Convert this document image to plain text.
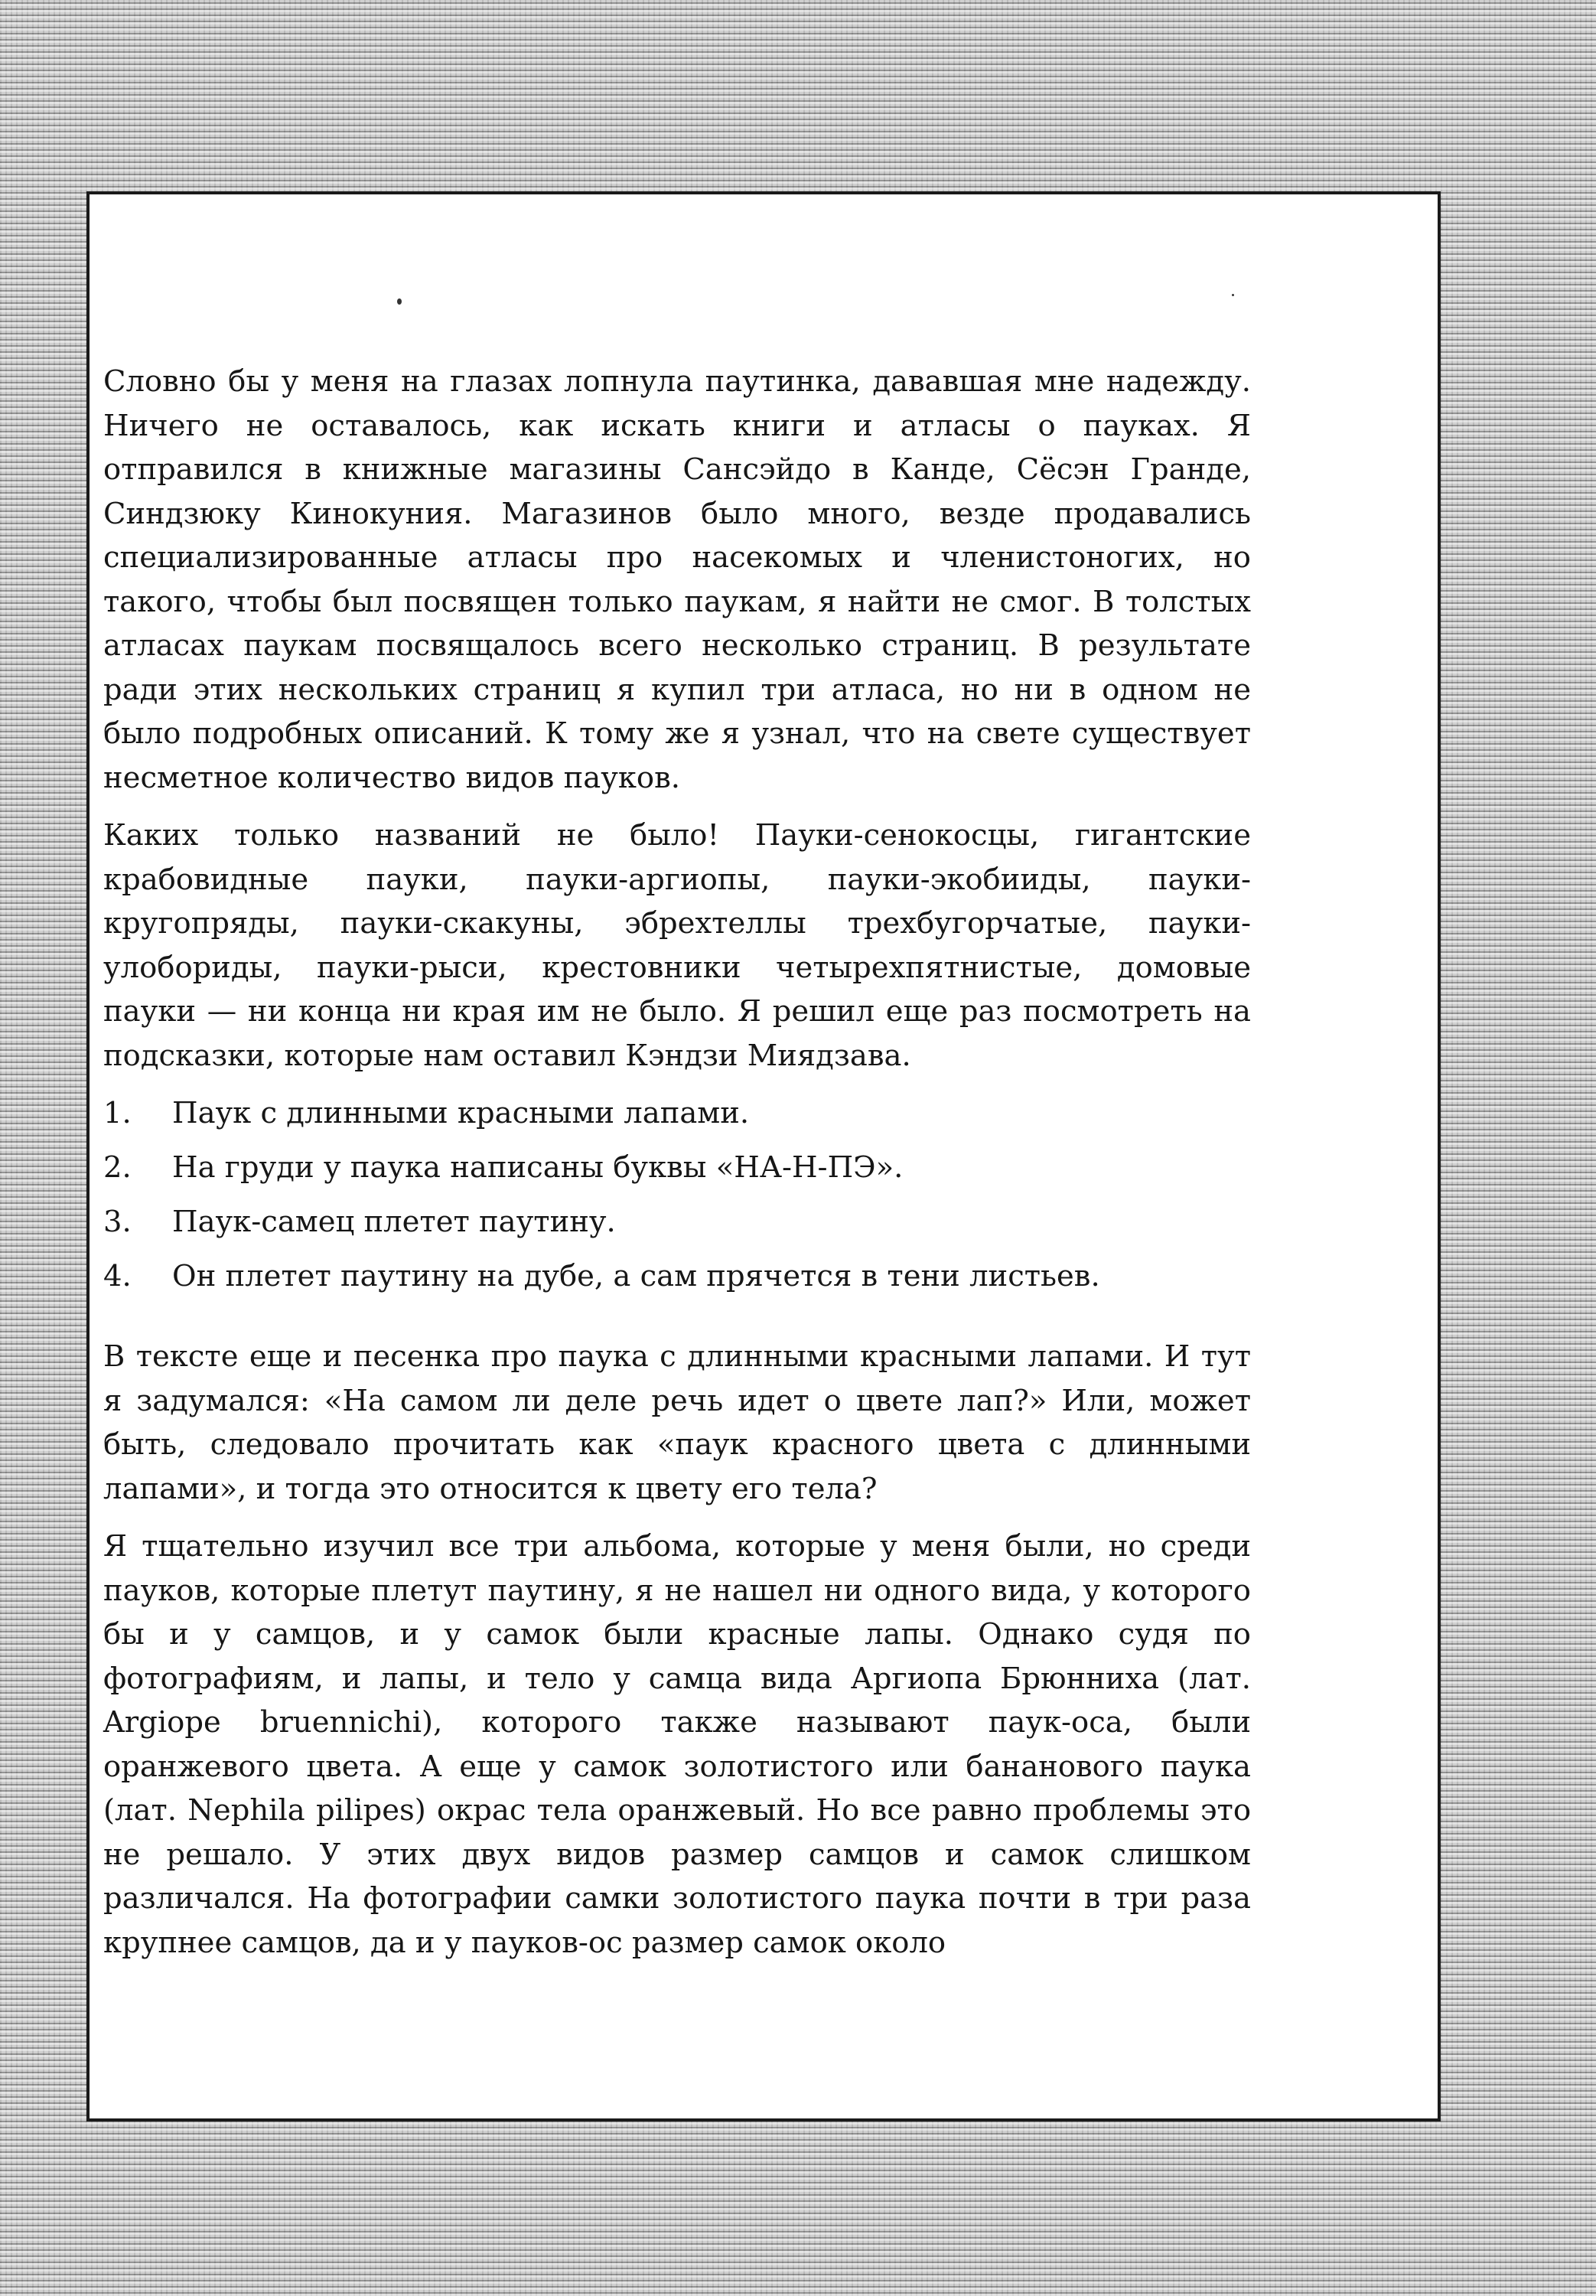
Словно бы у меня на глазах лопнула паутинка, дававшая мне надежду. Ничего не оставалось, как искать книги и атласы о пауках. Я отправился в книжные магазины Сансэйдо в Канде, Сёсэн Гранде, Синдзюку Кинокуния. Магазинов было много, везде продавались специализированные атласы про насекомых и членистоногих, но такого, чтобы был посвящен только паукам, я найти не смог. В толстых атласах паукам посвящалось всего несколько страниц. В результате ради этих нескольких страниц я купил три атласа, но ни в одном не было подробных описаний. К тому же я узнал, что на свете существует несметное количество видов пауков.

Каких только названий не было! Пауки-сенокосцы, гигантские крабовидные пауки, пауки-аргиопы, пауки-экобииды, пауки-кругопряды, пауки-скакуны, эбрехтеллы трехбугорчатые, пауки-улобориды, пауки-рыси, крестовники четырехпятнистые, домовые пауки — ни конца ни края им не было. Я решил еще раз посмотреть на подсказки, которые нам оставил Кэндзи Миядзава.

1.	Паук с длинными красными лапами.
2.	На груди у паука написаны буквы «НА-Н-ПЭ».
3.	Паук-самец плетет паутину.
4.	Он плетет паутину на дубе, а сам прячется в тени листьев.

В тексте еще и песенка про паука с длинными красными лапами. И тут я задумался: «На самом ли деле речь идет о цвете лап?» Или, может быть, следовало прочитать как «паук красного цвета с длинными лапами», и тогда это относится к цвету его тела?

Я тщательно изучил все три альбома, которые у меня были, но среди пауков, которые плетут паутину, я не нашел ни одного вида, у которого бы и у самцов, и у самок были красные лапы. Однако судя по фотографиям, и лапы, и тело у самца вида Аргиопа Брюнниха (лат. Argiope bruennichi), которого также называют паук-оса, были оранжевого цвета. А еще у самок золотистого или бананового паука (лат. Nephila pilipes) окрас тела оранжевый. Но все равно проблемы это не решало. У этих двух видов размер самцов и самок слишком различался. На фотографии самки золотистого паука почти в три раза крупнее самцов, да и у пауков-ос размер самок около
